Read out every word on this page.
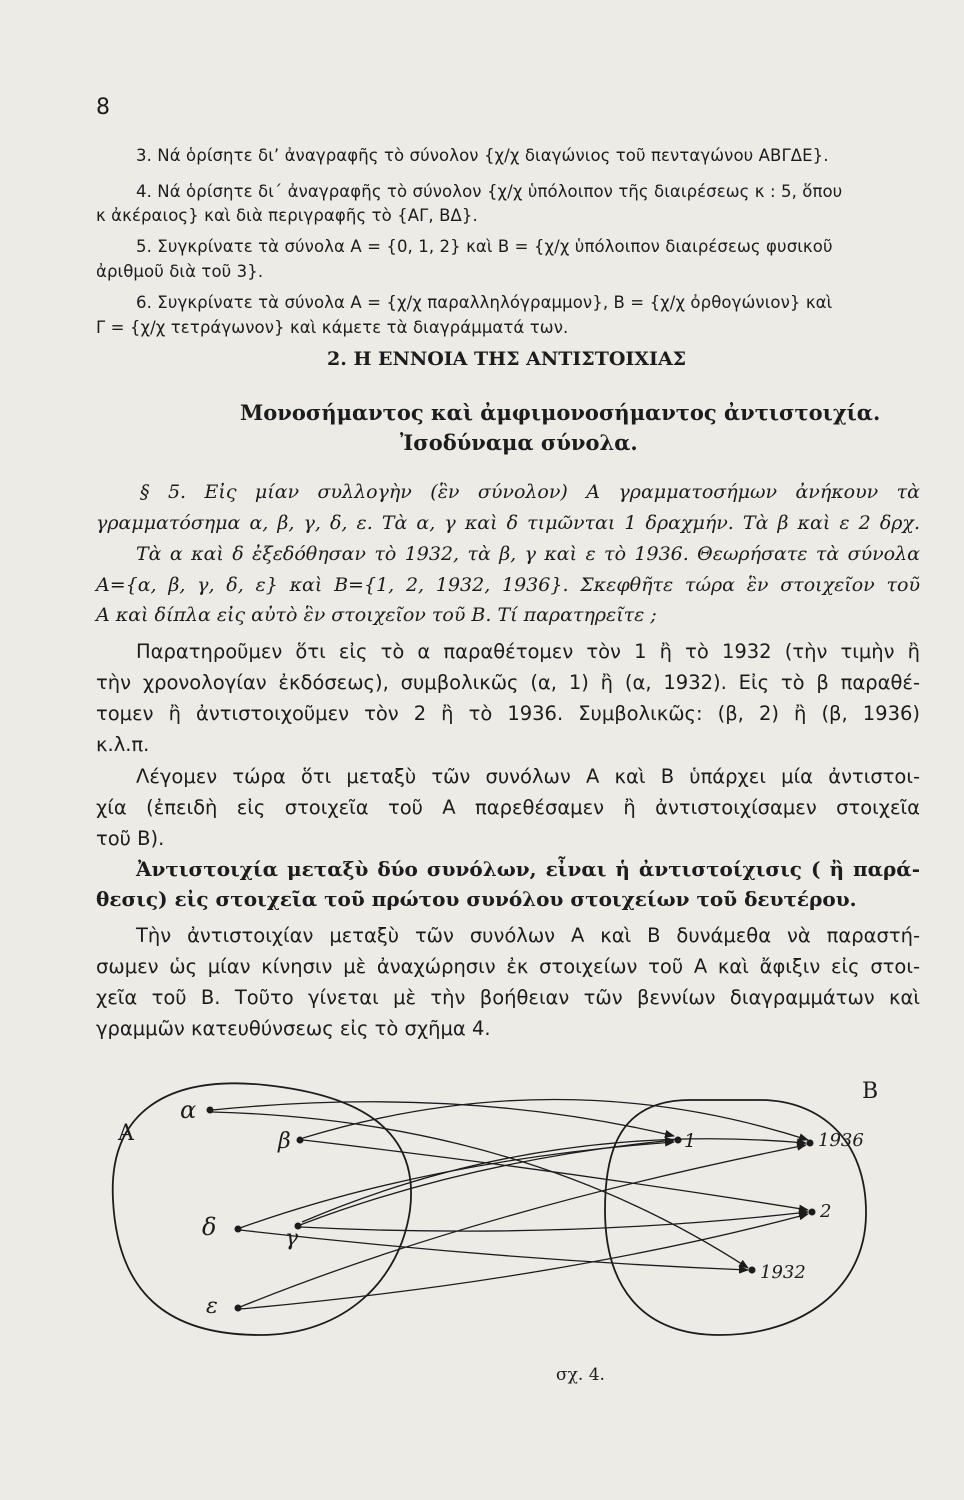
8
3. Νά ὁρίσητε δι’ ἀναγραφῆς τὸ σύνολον {χ/χ διαγώνιος τοῦ πενταγώνου ΑΒΓΔΕ}.
4. Νά ὁρίσητε δι΄ ἀναγραφῆς τὸ σύνολον {χ/χ ὑπόλοιπον τῆς διαιρέσεως κ : 5, ὅπου
κ ἀκέραιος} καὶ διὰ περιγραφῆς τὸ {ΑΓ, ΒΔ}.
5. Συγκρίνατε τὰ σύνολα Α = {0, 1, 2} καὶ Β = {χ/χ ὑπόλοιπον διαιρέσεως φυσικοῦ
ἀριθμοῦ διὰ τοῦ 3}.
6. Συγκρίνατε τὰ σύνολα Α = {χ/χ παραλληλόγραμμον}, Β = {χ/χ ὀρθογώνιον} καὶ
Γ = {χ/χ τετράγωνον} καὶ κάμετε τὰ διαγράμματά των.
2. Η ΕΝΝΟΙΑ ΤΗΣ ΑΝΤΙΣΤΟΙΧΙΑΣ
Μονοσήμαντος καὶ ἀμφιμονοσήμαντος ἀντιστοιχία.
Ἰσοδύναμα σύνολα.
§ 5. Εἰς μίαν συλλογὴν (ἓν σύνολον) Α γραμματοσήμων ἀνήκουν τὰ
γραμματόσημα α, β, γ, δ, ε. Τὰ α, γ καὶ δ τιμῶνται 1 δραχμήν. Τὰ β καὶ ε 2 δρχ.
Τὰ α καὶ δ ἐξεδόθησαν τὸ 1932, τὰ β, γ καὶ ε τὸ 1936. Θεωρήσατε τὰ σύνολα
Α={α, β, γ, δ, ε} καὶ Β={1, 2, 1932, 1936}. Σκεφθῆτε τώρα ἓν στοιχεῖον τοῦ
Α καὶ δίπλα εἰς αὐτὸ ἓν στοιχεῖον τοῦ Β. Τί παρατηρεῖτε ;
Παρατηροῦμεν ὅτι εἰς τὸ α παραθέτομεν τὸν 1 ἢ τὸ 1932 (τὴν τιμὴν ἢ
τὴν χρονολογίαν ἐκδόσεως), συμβολικῶς (α, 1) ἢ (α, 1932). Εἰς τὸ β παραθέ-
τομεν ἢ ἀντιστοιχοῦμεν τὸν 2 ἢ τὸ 1936. Συμβολικῶς: (β, 2) ἢ (β, 1936)
κ.λ.π.
Λέγομεν τώρα ὅτι μεταξὺ τῶν συνόλων Α καὶ Β ὑπάρχει μία ἀντιστοι-
χία (ἐπειδὴ εἰς στοιχεῖα τοῦ Α παρεθέσαμεν ἢ ἀντιστοιχίσαμεν στοιχεῖα
τοῦ Β).
Ἀντιστοιχία μεταξὺ δύο συνόλων, εἶναι ἡ ἀντιστοίχισις ( ἢ παρά-
θεσις) εἰς στοιχεῖα τοῦ πρώτου συνόλου στοιχείων τοῦ δευτέρου.
Τὴν ἀντιστοιχίαν μεταξὺ τῶν συνόλων Α καὶ Β δυνάμεθα νὰ παραστή-
σωμεν ὡς μίαν κίνησιν μὲ ἀναχώρησιν ἐκ στοιχείων τοῦ Α καὶ ἄφιξιν εἰς στοι-
χεῖα τοῦ Β. Τοῦτο γίνεται μὲ τὴν βοήθειαν τῶν βεννίων διαγραμμάτων καὶ
γραμμῶν κατευθύνσεως εἰς τὸ σχῆμα 4.
Α
Β
α
β
γ
δ
ε
1	1936
2
1932
σχ. 4.
